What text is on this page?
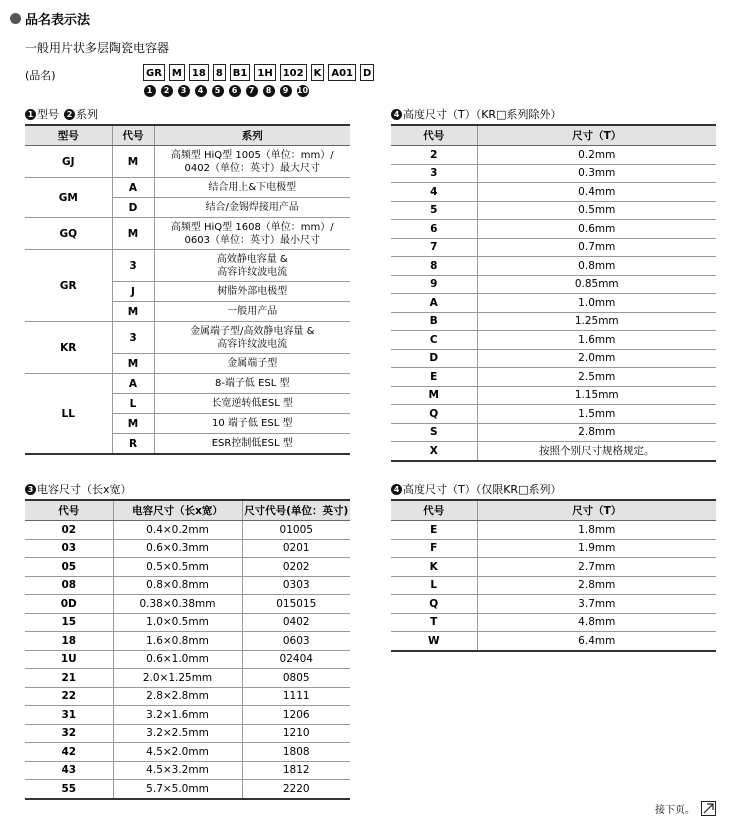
品名表示法
一般用片状多层陶瓷电容器
(品名)	GR	M	18	8	B1	1H	102	K	A01	D
1	2	3	4	5	6	7	8	9	10
1 型号 2 系列
型号	代号	系列
GJ	M	高频型 HiQ型 1005（单位：mm）/
0402（单位：英寸）最大尺寸

GM	A	结合用上&下电极型

	D	结合/金锡焊接用产品

GQ	M	高频型 HiQ型 1608（单位：mm）/
0603（单位：英寸）最小尺寸

GR	3	高效静电容量 &
高容许纹波电流

	J	树脂外部电极型

	M	一般用产品

KR	3	金属端子型/高效静电容量 &
高容许纹波电流

	M	金属端子型

LL	A	8-端子低 ESL 型

	L	长宽逆转低ESL 型

	M	10 端子低 ESL 型

	R	ESR控制低ESL 型
3 电容尺寸（长x宽）
代号	电容尺寸（长x宽）	尺寸代号(单位：英寸)
02	0.4×0.2mm	01005
03	0.6×0.3mm	0201
05	0.5×0.5mm	0202
08	0.8×0.8mm	0303
0D	0.38×0.38mm	015015
15	1.0×0.5mm	0402
18	1.6×0.8mm	0603
1U	0.6×1.0mm	02404
21	2.0×1.25mm	0805
22	2.8×2.8mm	1111
31	3.2×1.6mm	1206
32	3.2×2.5mm	1210
42	4.5×2.0mm	1808
43	4.5×3.2mm	1812
55	5.7×5.0mm	2220
4 高度尺寸（T）（KR□系列除外）
代号	尺寸（T）
2	0.2mm
3	0.3mm
4	0.4mm
5	0.5mm
6	0.6mm
7	0.7mm
8	0.8mm
9	0.85mm
A	1.0mm
B	1.25mm
C	1.6mm
D	2.0mm
E	2.5mm
M	1.15mm
Q	1.5mm
S	2.8mm
X	按照个别尺寸规格规定。
4 高度尺寸（T）（仅限KR□系列）
代号	尺寸（T）
E	1.8mm
F	1.9mm
K	2.7mm
L	2.8mm
Q	3.7mm
T	4.8mm
W	6.4mm
接下页。
